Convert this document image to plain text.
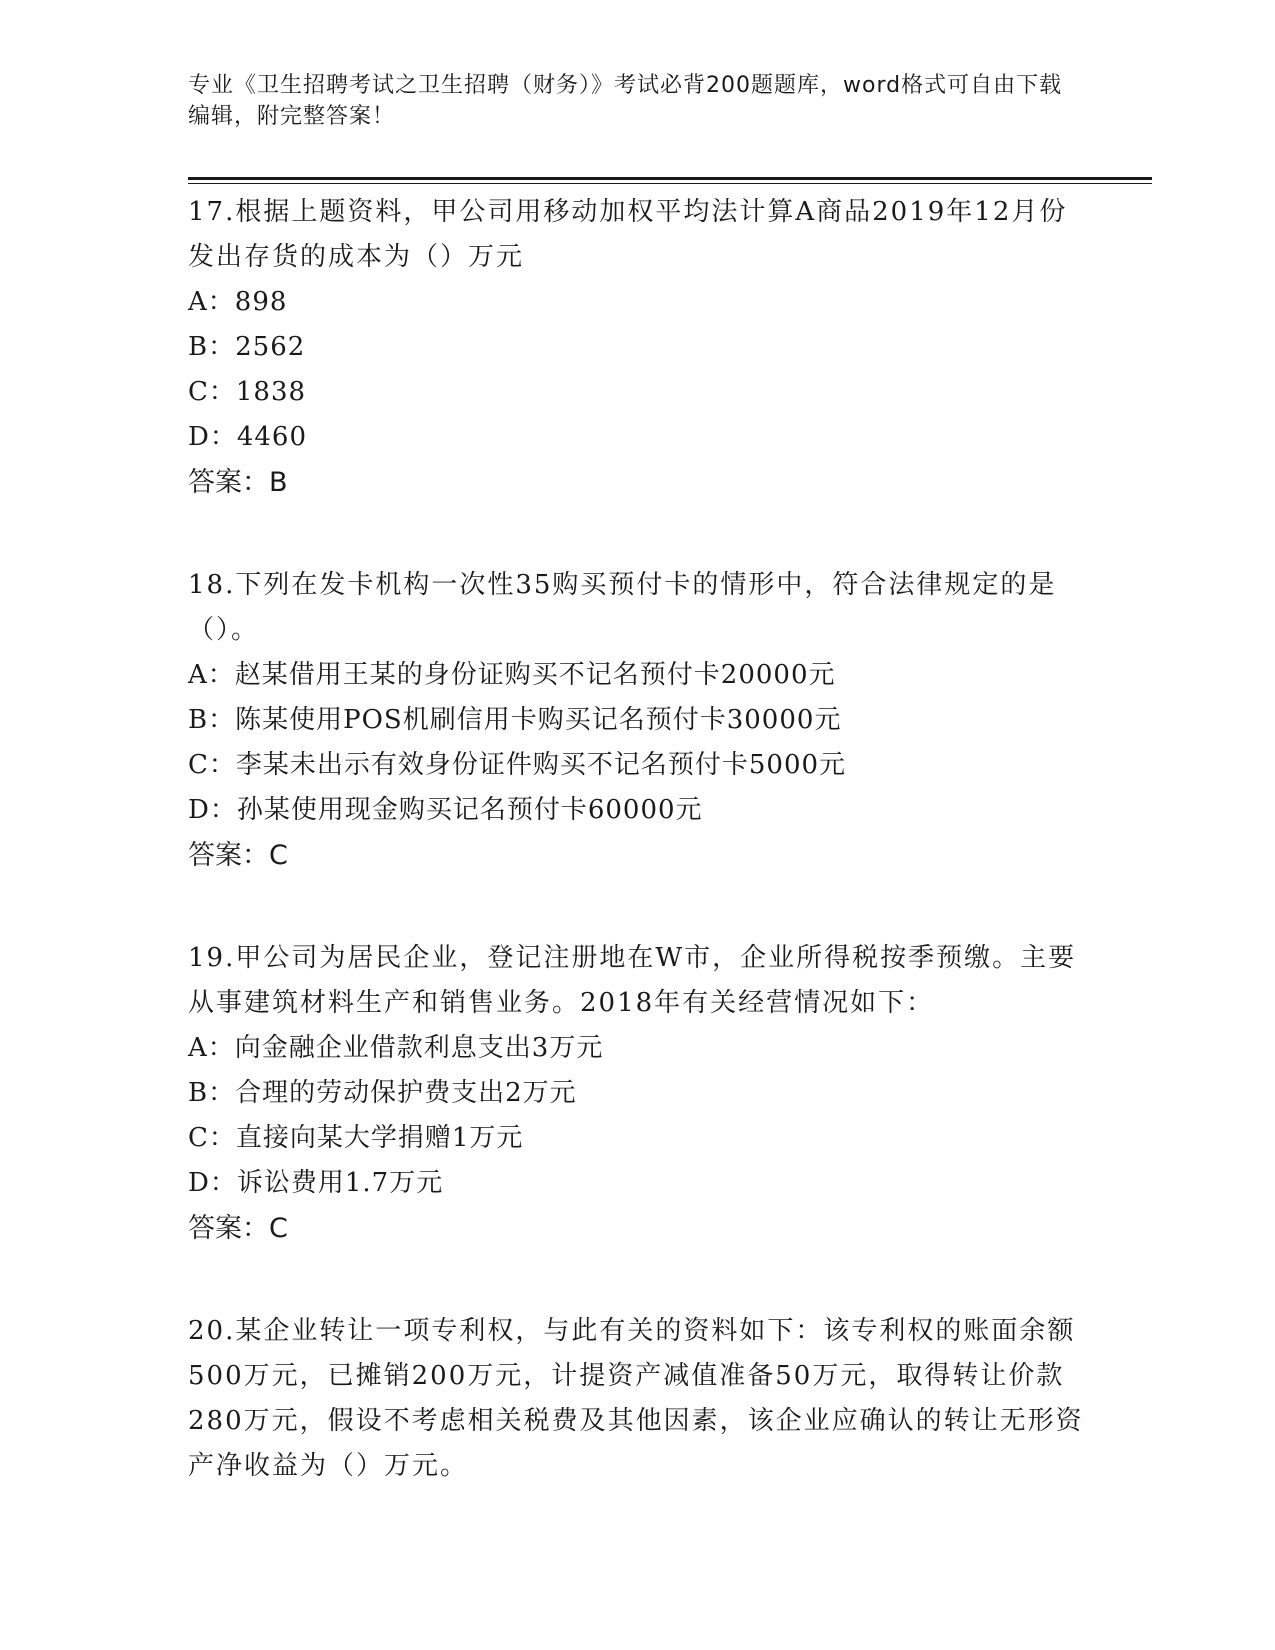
专业《卫生招聘考试之卫生招聘（财务）》考试必背200题题库，word格式可自由下载编辑，附完整答案！

17.根据上题资料，甲公司用移动加权平均法计算A商品2019年12月份发出存货的成本为（）万元

A：898

B：2562

C：1838

D：4460

答案：B

18.下列在发卡机构一次性35购买预付卡的情形中，符合法律规定的是（）。

A：赵某借用王某的身份证购买不记名预付卡20000元

B：陈某使用POS机刷信用卡购买记名预付卡30000元

C：李某未出示有效身份证件购买不记名预付卡5000元

D：孙某使用现金购买记名预付卡60000元

答案：C

19.甲公司为居民企业，登记注册地在W市，企业所得税按季预缴。主要从事建筑材料生产和销售业务。2018年有关经营情况如下：

A：向金融企业借款利息支出3万元

B：合理的劳动保护费支出2万元

C：直接向某大学捐赠1万元

D：诉讼费用1.7万元

答案：C

20.某企业转让一项专利权，与此有关的资料如下：该专利权的账面余额500万元，已摊销200万元，计提资产减值准备50万元，取得转让价款280万元，假设不考虑相关税费及其他因素，该企业应确认的转让无形资产净收益为（）万元。
